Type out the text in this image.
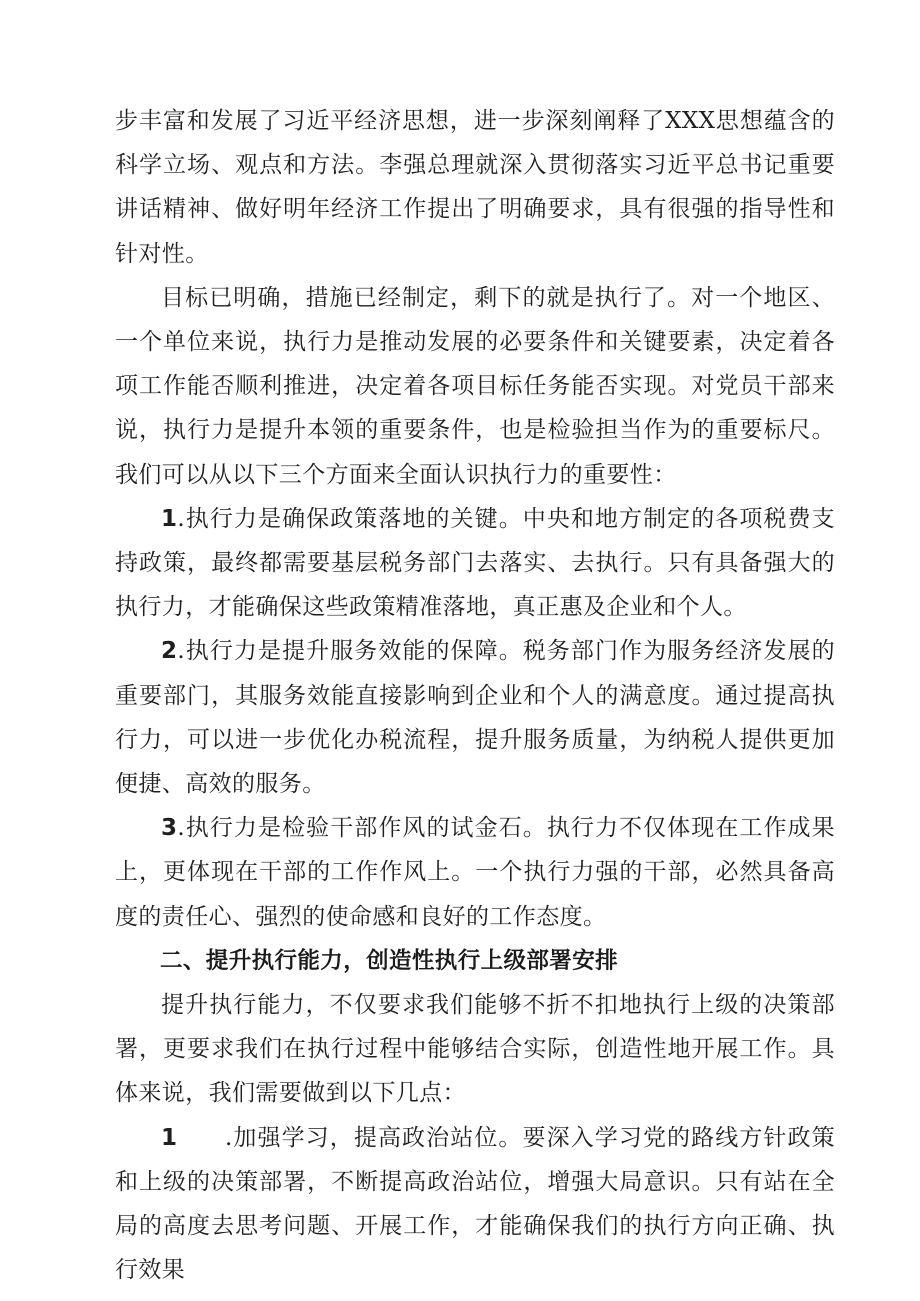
步丰富和发展了习近平经济思想，进一步深刻阐释了XXX思想蕴含的科学立场、观点和方法。李强总理就深入贯彻落实习近平总书记重要讲话精神、做好明年经济工作提出了明确要求，具有很强的指导性和针对性。

目标已明确，措施已经制定，剩下的就是执行了。对一个地区、一个单位来说，执行力是推动发展的必要条件和关键要素，决定着各项工作能否顺利推进，决定着各项目标任务能否实现。对党员干部来说，执行力是提升本领的重要条件，也是检验担当作为的重要标尺。我们可以从以下三个方面来全面认识执行力的重要性：

1.执行力是确保政策落地的关键。中央和地方制定的各项税费支持政策，最终都需要基层税务部门去落实、去执行。只有具备强大的执行力，才能确保这些政策精准落地，真正惠及企业和个人。

2.执行力是提升服务效能的保障。税务部门作为服务经济发展的重要部门，其服务效能直接影响到企业和个人的满意度。通过提高执行力，可以进一步优化办税流程，提升服务质量，为纳税人提供更加便捷、高效的服务。

3.执行力是检验干部作风的试金石。执行力不仅体现在工作成果上，更体现在干部的工作作风上。一个执行力强的干部，必然具备高度的责任心、强烈的使命感和良好的工作态度。

二、提升执行能力，创造性执行上级部署安排

提升执行能力，不仅要求我们能够不折不扣地执行上级的决策部署，更要求我们在执行过程中能够结合实际，创造性地开展工作。具体来说，我们需要做到以下几点：

1 .加强学习，提高政治站位。要深入学习党的路线方针政策和上级的决策部署，不断提高政治站位，增强大局意识。只有站在全局的高度去思考问题、开展工作，才能确保我们的执行方向正确、执行效果
